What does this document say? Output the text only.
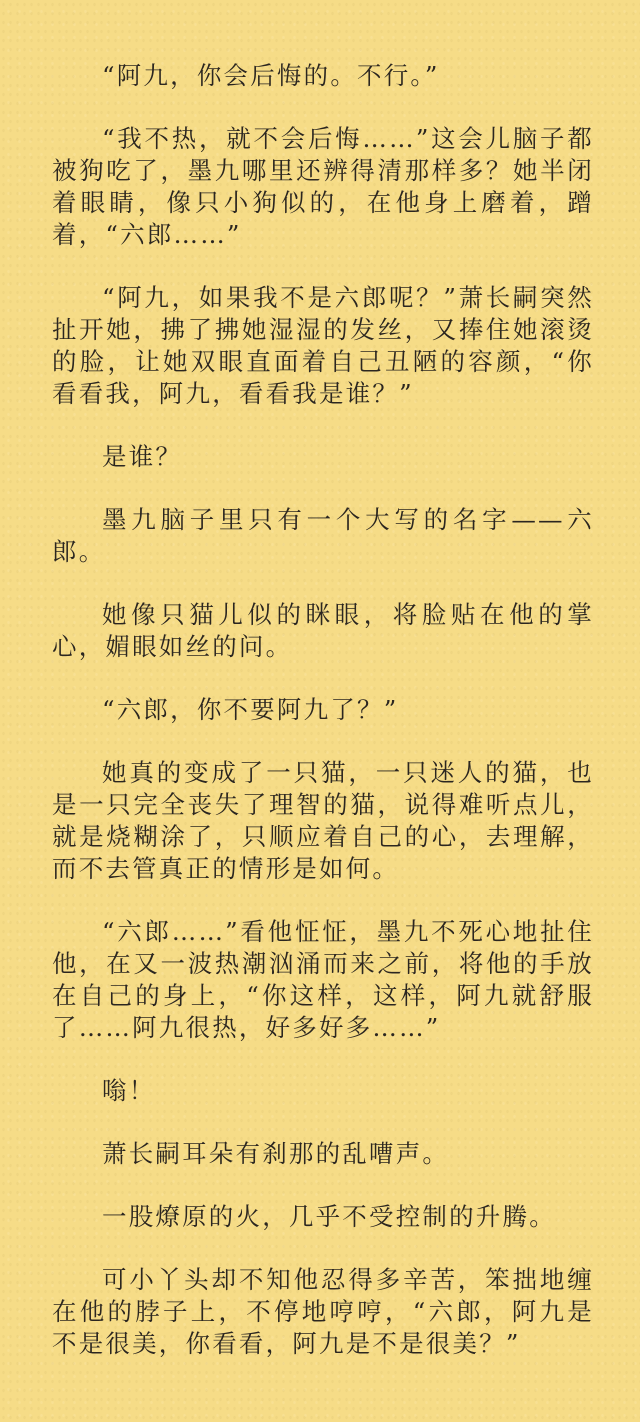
“阿九，你会后悔的。不行。”

“我不热，就不会后悔……”这会儿脑子都被狗吃了，墨九哪里还辨得清那样多？她半闭着眼睛，像只小狗似的，在他身上磨着，蹭着，“六郎……”

“阿九，如果我不是六郎呢？”萧长嗣突然扯开她，拂了拂她湿湿的发丝，又捧住她滚烫的脸，让她双眼直面着自己丑陋的容颜，“你看看我，阿九，看看我是谁？”

是谁？

墨九脑子里只有一个大写的名字——六郎。

她像只猫儿似的眯眼，将脸贴在他的掌心，媚眼如丝的问。

“六郎，你不要阿九了？”

她真的变成了一只猫，一只迷人的猫，也是一只完全丧失了理智的猫，说得难听点儿，就是烧糊涂了，只顺应着自己的心，去理解，而不去管真正的情形是如何。

“六郎……”看他怔怔，墨九不死心地扯住他，在又一波热潮汹涌而来之前，将他的手放在自己的身上，“你这样，这样，阿九就舒服了……阿九很热，好多好多……”

嗡！

萧长嗣耳朵有刹那的乱嘈声。

一股燎原的火，几乎不受控制的升腾。

可小丫头却不知他忍得多辛苦，笨拙地缠在他的脖子上，不停地哼哼，“六郎，阿九是不是很美，你看看，阿九是不是很美？”
